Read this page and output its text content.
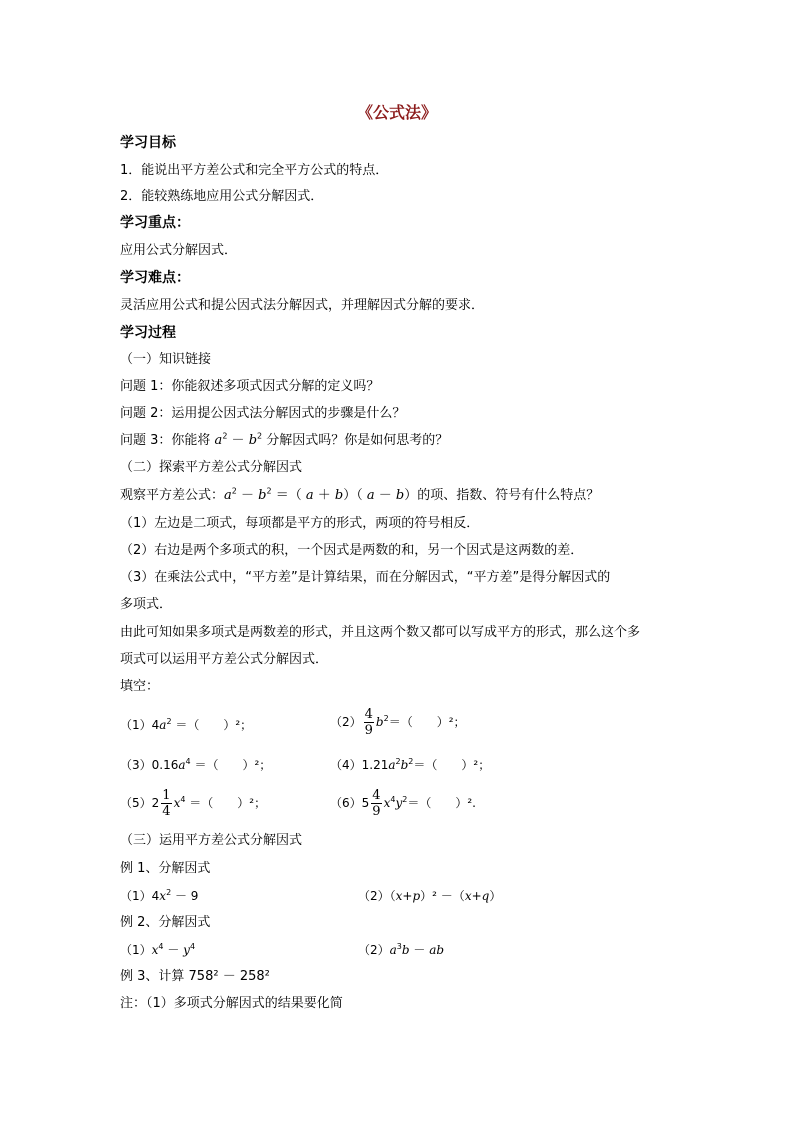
《公式法》
学习目标
1．能说出平方差公式和完全平方公式的特点．
2．能较熟练地应用公式分解因式．
学习重点：
应用公式分解因式．
学习难点：
灵活应用公式和提公因式法分解因式，并理解因式分解的要求．
学习过程
（一）知识链接
问题 1：你能叙述多项式因式分解的定义吗？
问题 2：运用提公因式法分解因式的步骤是什么？
问题 3：你能将 $a^2 - b^2$ 分解因式吗？你是如何思考的？
（二）探索平方差公式分解因式
观察平方差公式：$a^2 - b^2$ ＝（ a ＋ b）（ a － b）的项、指数、符号有什么特点？
（1）左边是二项式，每项都是平方的形式，两项的符号相反．
（2）右边是两个多项式的积，一个因式是两数的和，另一个因式是这两数的差．
（3）在乘法公式中，“平方差”是计算结果，而在分解因式，“平方差”是得分解因式的
多项式．
由此可知如果多项式是两数差的形式，并且这两个数又都可以写成平方的形式，那么这个多
项式可以运用平方差公式分解因式．
填空：
$(1)4a^2$ ＝（　　）²；	$(2) \frac{4}{9} b^2=$（　　）²；
$(3)0.16a^4$ ＝（　　）²；	$(4)1.21a^2b^2=$（　　）²；
$(5)2 \frac{1}{4} x^4$ ＝（　　）²；	$(6)5 \frac{4}{9} x^4y^2=$（　　）².
（三）运用平方差公式分解因式
例 1、分解因式
$(1)4x^2 - 9$	（2）（x+p）² －（x+q）
例 2、分解因式
$(1)x^4 - y^4$	$(2)a^3b$ － ab
例 3、计算 758² － 258²
注：（1）多项式分解因式的结果要化简
